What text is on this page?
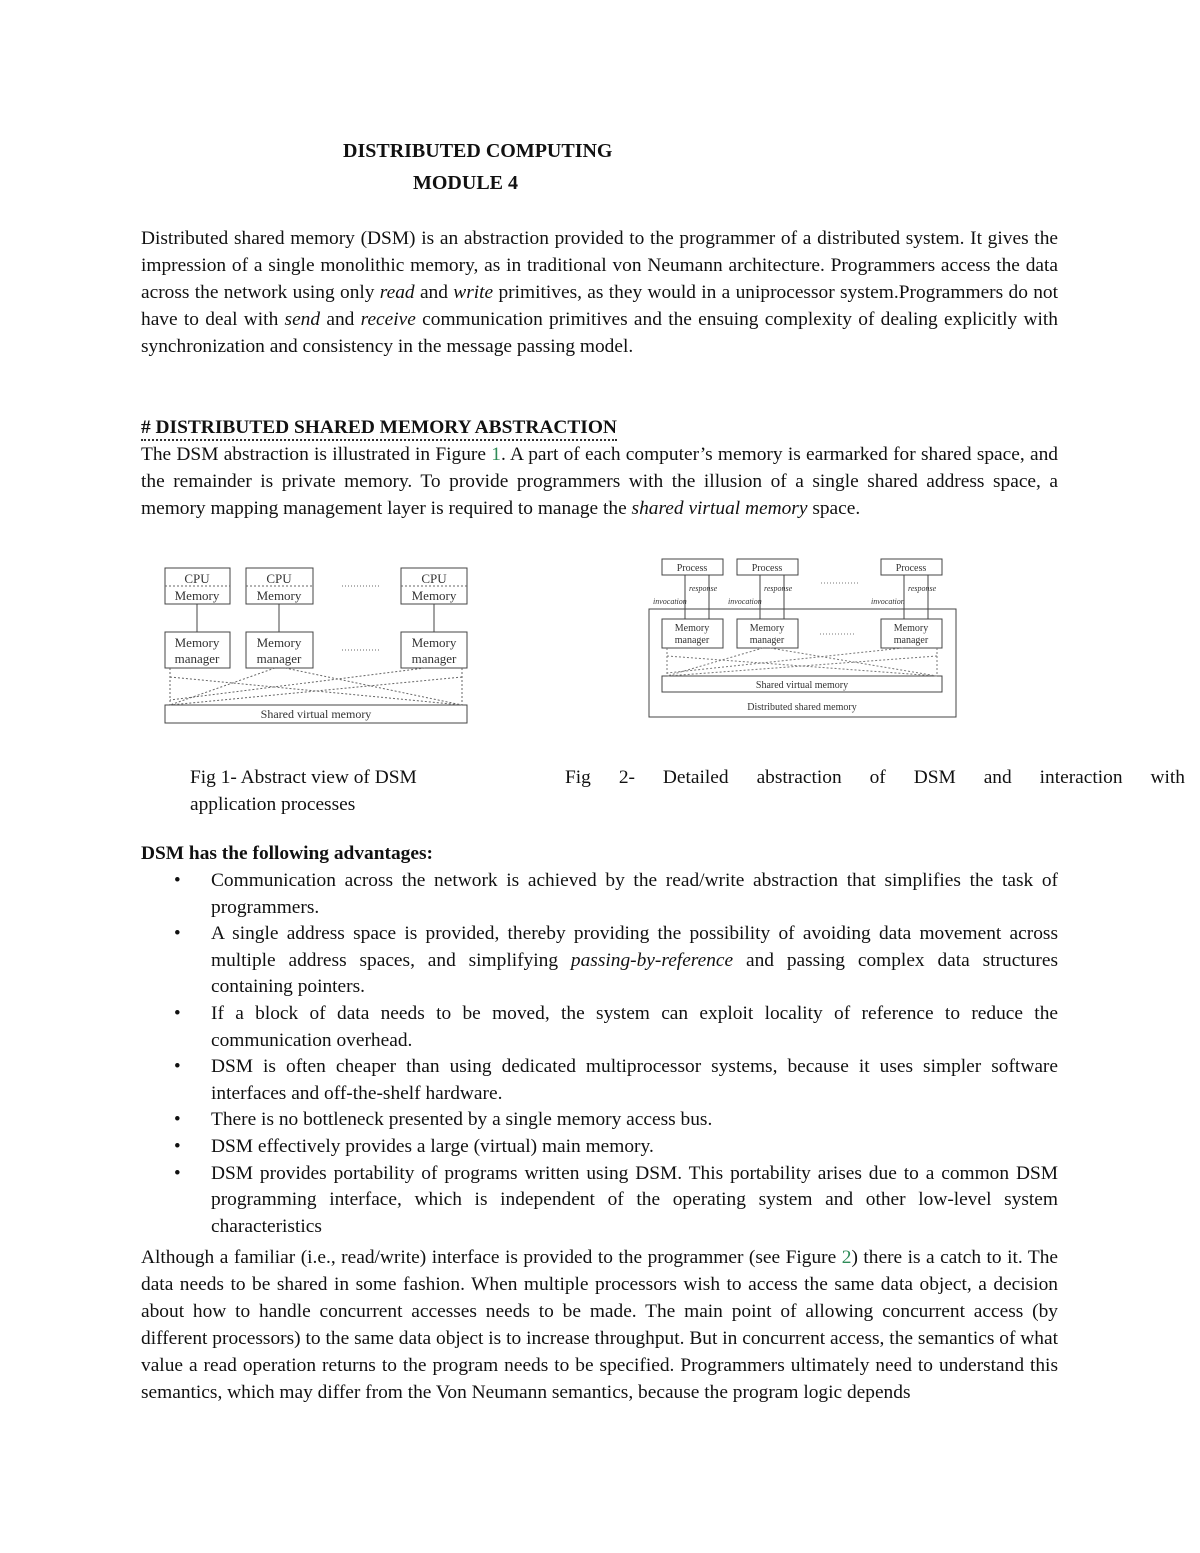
DISTRIBUTED COMPUTING
MODULE 4

Distributed shared memory (DSM) is an abstraction provided to the programmer of a distributed system. It gives the impression of a single monolithic memory, as in traditional von Neumann architecture. Programmers access the data across the network using only read and write primitives, as they would in a uniprocessor system.Programmers do not have to deal with send and receive communication primitives and the ensuing complexity of dealing explicitly with synchronization and consistency in the message passing model.

# DISTRIBUTED SHARED MEMORY ABSTRACTION

The DSM abstraction is illustrated in Figure 1. A part of each computer’s memory is earmarked for shared space, and the remainder is private memory. To provide programmers with the illusion of a single shared address space, a memory mapping management layer is required to manage the shared virtual memory space.

CPU
Memory
CPU
Memory
CPU
Memory
Memory
manager
Memory
manager
Memory
manager
Shared virtual memory
Process	Process	Process
Memory
manager
Memory
manager
Memory
manager
Shared virtual memory
Distributed shared memory
response
invocation
response
invocation
response
invocation
Fig 1- Abstract view of DSM
application processes
Fig 2- Detailed abstraction of DSM and interaction with
DSM has the following advantages:
• Communication across the network is achieved by the read/write abstraction that simplifies the task of programmers.
• A single address space is provided, thereby providing the possibility of avoiding data movement across multiple address spaces, and simplifying passing-by-reference and passing complex data structures containing pointers.
• If a block of data needs to be moved, the system can exploit locality of reference to reduce the communication overhead.
• DSM is often cheaper than using dedicated multiprocessor systems, because it uses simpler software interfaces and off-the-shelf hardware.
• There is no bottleneck presented by a single memory access bus.
• DSM effectively provides a large (virtual) main memory.
• DSM provides portability of programs written using DSM. This portability arises due to a common DSM programming interface, which is independent of the operating system and other low-level system characteristics

Although a familiar (i.e., read/write) interface is provided to the programmer (see Figure 2) there is a catch to it. The data needs to be shared in some fashion. When multiple processors wish to access the same data object, a decision about how to handle concurrent accesses needs to be made. The main point of allowing concurrent access (by different processors) to the same data object is to increase throughput. But in concurrent access, the semantics of what value a read operation returns to the program needs to be specified. Programmers ultimately need to understand this semantics, which may differ from the Von Neumann semantics, because the program logic depends
